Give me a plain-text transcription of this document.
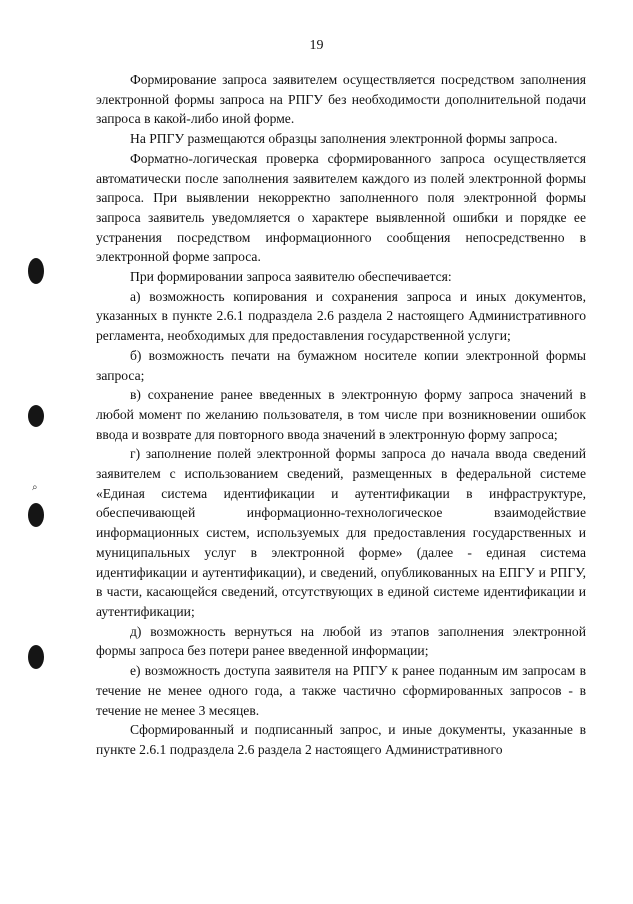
⌕

19

Формирование запроса заявителем осуществляется посредством заполнения электронной формы запроса на РПГУ без необходимости дополнительной подачи запроса в какой-либо иной форме.

На РПГУ размещаются образцы заполнения электронной формы запроса.

Форматно-логическая проверка сформированного запроса осуществляется автоматически после заполнения заявителем каждого из полей электронной формы запроса. При выявлении некорректно заполненного поля электронной формы запроса заявитель уведомляется о характере выявленной ошибки и порядке ее устранения посредством информационного сообщения непосредственно в электронной форме запроса.

При формировании запроса заявителю обеспечивается:

а) возможность копирования и сохранения запроса и иных документов, указанных в пункте 2.6.1 подраздела 2.6 раздела 2 настоящего Административного регламента, необходимых для предоставления государственной услуги;

б) возможность печати на бумажном носителе копии электронной формы запроса;

в) сохранение ранее введенных в электронную форму запроса значений в любой момент по желанию пользователя, в том числе при возникновении ошибок ввода и возврате для повторного ввода значений в электронную форму запроса;

г) заполнение полей электронной формы запроса до начала ввода сведений заявителем с использованием сведений, размещенных в федеральной системе «Единая система идентификации и аутентификации в инфраструктуре, обеспечивающей информационно-технологическое взаимодействие информационных систем, используемых для предоставления государственных и муниципальных услуг в электронной форме» (далее - единая система идентификации и аутентификации), и сведений, опубликованных на ЕПГУ и РПГУ, в части, касающейся сведений, отсутствующих в единой системе идентификации и аутентификации;

д) возможность вернуться на любой из этапов заполнения электронной формы запроса без потери ранее введенной информации;

е) возможность доступа заявителя на РПГУ к ранее поданным им запросам в течение не менее одного года, а также частично сформированных запросов - в течение не менее 3 месяцев.

Сформированный и подписанный запрос, и иные документы, указанные в пункте 2.6.1 подраздела 2.6 раздела 2 настоящего Административного
